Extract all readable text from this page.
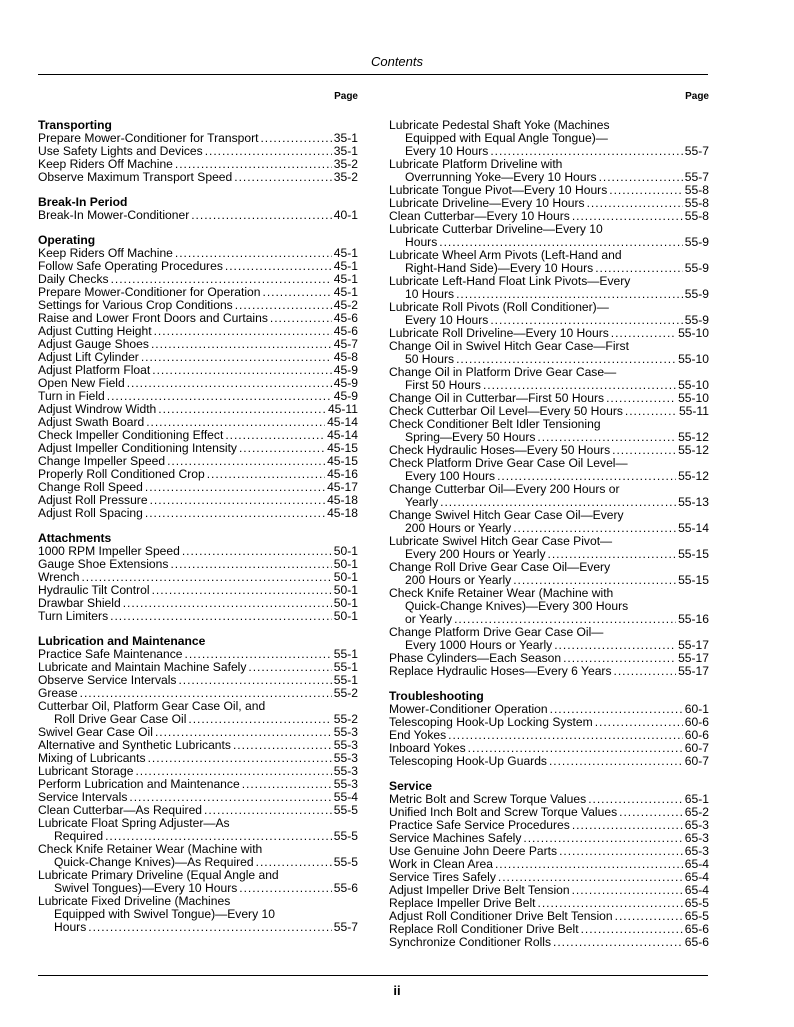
Contents
Page
Transporting
Prepare Mower-Conditioner for Transport . . .	35-1
Use Safety Lights and Devices . . .	35-1
Keep Riders Off Machine . . .	35-2
Observe Maximum Transport Speed . . .	35-2
Break-In Period
Break-In Mower-Conditioner . . .	40-1
Operating
Keep Riders Off Machine . . .	45-1
Follow Safe Operating Procedures . . .	45-1
Daily Checks . . .	45-1
Prepare Mower-Conditioner for Operation . . .	45-1
Settings for Various Crop Conditions . . .	45-2
Raise and Lower Front Doors and Curtains . . .	45-6
Adjust Cutting Height . . .	45-6
Adjust Gauge Shoes . . .	45-7
Adjust Lift Cylinder . . .	45-8
Adjust Platform Float . . .	45-9
Open New Field . . .	45-9
Turn in Field . . .	45-9
Adjust Windrow Width . . .	45-11
Adjust Swath Board . . .	45-14
Check Impeller Conditioning Effect . . .	45-14
Adjust Impeller Conditioning Intensity . . .	45-15
Change Impeller Speed . . .	45-15
Properly Roll Conditioned Crop . . .	45-16
Change Roll Speed . . .	45-17
Adjust Roll Pressure . . .	45-18
Adjust Roll Spacing . . .	45-18
Attachments
1000 RPM Impeller Speed . . .	50-1
Gauge Shoe Extensions . . .	50-1
Wrench . . .	50-1
Hydraulic Tilt Control . . .	50-1
Drawbar Shield . . .	50-1
Turn Limiters . . .	50-1
Lubrication and Maintenance
Practice Safe Maintenance . . .	55-1
Lubricate and Maintain Machine Safely . . .	55-1
Observe Service Intervals . . .	55-1
Grease . . .	55-2
Cutterbar Oil, Platform Gear Case Oil, and
Roll Drive Gear Case Oil . . .	55-2
Swivel Gear Case Oil . . .	55-3
Alternative and Synthetic Lubricants . . .	55-3
Mixing of Lubricants . . .	55-3
Lubricant Storage . . .	55-3
Perform Lubrication and Maintenance . . .	55-3
Service Intervals . . .	55-4
Clean Cutterbar—As Required . . .	55-5
Lubricate Float Spring Adjuster—As
Required . . .	55-5
Check Knife Retainer Wear (Machine with
Quick-Change Knives)—As Required . . .	55-5
Lubricate Primary Driveline (Equal Angle and
Swivel Tongues)—Every 10 Hours . . .	55-6
Lubricate Fixed Driveline (Machines
Equipped with Swivel Tongue)—Every 10
Hours . . .	55-7
Page
Lubricate Pedestal Shaft Yoke (Machines
Equipped with Equal Angle Tongue)—
Every 10 Hours . . .	55-7
Lubricate Platform Driveline with
Overrunning Yoke—Every 10 Hours . . .	55-7
Lubricate Tongue Pivot—Every 10 Hours . . .	55-8
Lubricate Driveline—Every 10 Hours . . .	55-8
Clean Cutterbar—Every 10 Hours . . .	55-8
Lubricate Cutterbar Driveline—Every 10
Hours . . .	55-9
Lubricate Wheel Arm Pivots (Left-Hand and
Right-Hand Side)—Every 10 Hours . . .	55-9
Lubricate Left-Hand Float Link Pivots—Every
10 Hours . . .	55-9
Lubricate Roll Pivots (Roll Conditioner)—
Every 10 Hours . . .	55-9
Lubricate Roll Driveline—Every 10 Hours . . .	55-10
Change Oil in Swivel Hitch Gear Case—First
50 Hours . . .	55-10
Change Oil in Platform Drive Gear Case—
First 50 Hours . . .	55-10
Change Oil in Cutterbar—First 50 Hours . . .	55-10
Check Cutterbar Oil Level—Every 50 Hours . . .	55-11
Check Conditioner Belt Idler Tensioning
Spring—Every 50 Hours . . .	55-12
Check Hydraulic Hoses—Every 50 Hours . . .	55-12
Check Platform Drive Gear Case Oil Level—
Every 100 Hours . . .	55-12
Change Cutterbar Oil—Every 200 Hours or
Yearly . . .	55-13
Change Swivel Hitch Gear Case Oil—Every
200 Hours or Yearly . . .	55-14
Lubricate Swivel Hitch Gear Case Pivot—
Every 200 Hours or Yearly . . .	55-15
Change Roll Drive Gear Case Oil—Every
200 Hours or Yearly . . .	55-15
Check Knife Retainer Wear (Machine with
Quick-Change Knives)—Every 300 Hours
or Yearly . . .	55-16
Change Platform Drive Gear Case Oil—
Every 1000 Hours or Yearly . . .	55-17
Phase Cylinders—Each Season . . .	55-17
Replace Hydraulic Hoses—Every 6 Years . . .	55-17
Troubleshooting
Mower-Conditioner Operation . . .	60-1
Telescoping Hook-Up Locking System . . .	60-6
End Yokes . . .	60-6
Inboard Yokes . . .	60-7
Telescoping Hook-Up Guards . . .	60-7
Service
Metric Bolt and Screw Torque Values . . .	65-1
Unified Inch Bolt and Screw Torque Values . . .	65-2
Practice Safe Service Procedures . . .	65-3
Service Machines Safely . . .	65-3
Use Genuine John Deere Parts . . .	65-3
Work in Clean Area . . .	65-4
Service Tires Safely . . .	65-4
Adjust Impeller Drive Belt Tension . . .	65-4
Replace Impeller Drive Belt . . .	65-5
Adjust Roll Conditioner Drive Belt Tension . . .	65-5
Replace Roll Conditioner Drive Belt . . .	65-6
Synchronize Conditioner Rolls . . .	65-6
ii
